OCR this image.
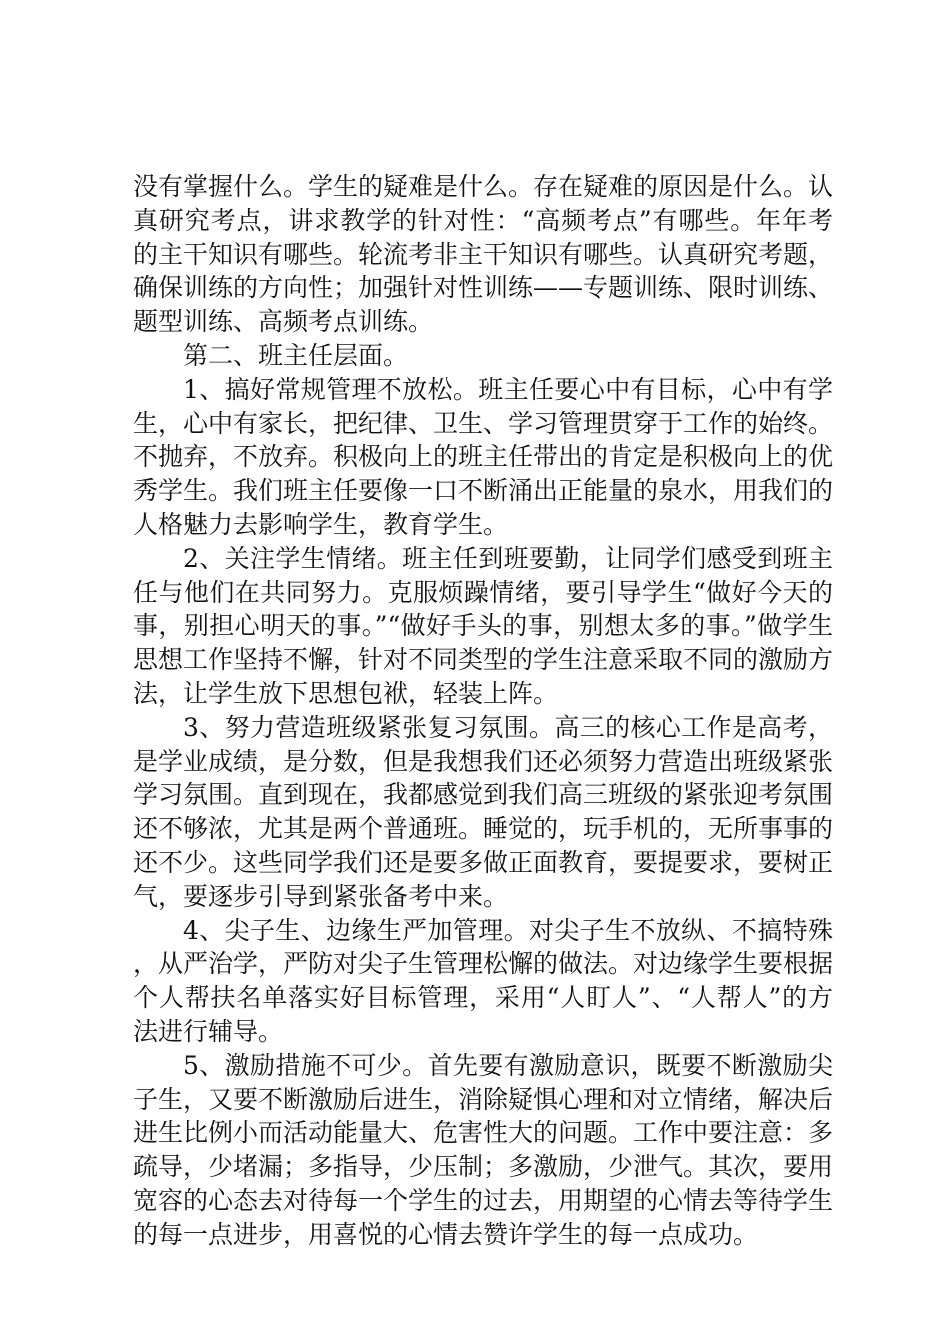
没有掌握什么。学生的疑难是什么。存在疑难的原因是什么。认真研究考点，讲求教学的针对性：“高频考点”有哪些。年年考的主干知识有哪些。轮流考非主干知识有哪些。认真研究考题，确保训练的方向性；加强针对性训练——专题训练、限时训练、题型训练、高频考点训练。

第二、班主任层面。

1、搞好常规管理不放松。班主任要心中有目标，心中有学生，心中有家长，把纪律、卫生、学习管理贯穿于工作的始终。不抛弃，不放弃。积极向上的班主任带出的肯定是积极向上的优秀学生。我们班主任要像一口不断涌出正能量的泉水，用我们的人格魅力去影响学生，教育学生。

2、关注学生情绪。班主任到班要勤，让同学们感受到班主任与他们在共同努力。克服烦躁情绪，要引导学生“做好今天的事，别担心明天的事。”“做好手头的事，别想太多的事。”做学生思想工作坚持不懈，针对不同类型的学生注意采取不同的激励方法，让学生放下思想包袱，轻装上阵。

3、努力营造班级紧张复习氛围。高三的核心工作是高考，是学业成绩，是分数，但是我想我们还必须努力营造出班级紧张学习氛围。直到现在，我都感觉到我们高三班级的紧张迎考氛围还不够浓，尤其是两个普通班。睡觉的，玩手机的，无所事事的还不少。这些同学我们还是要多做正面教育，要提要求，要树正气，要逐步引导到紧张备考中来。

4、尖子生、边缘生严加管理。对尖子生不放纵、不搞特殊，从严治学，严防对尖子生管理松懈的做法。对边缘学生要根据个人帮扶名单落实好目标管理，采用“人盯人”、“人帮人”的方法进行辅导。

5、激励措施不可少。首先要有激励意识，既要不断激励尖子生，又要不断激励后进生，消除疑惧心理和对立情绪，解决后进生比例小而活动能量大、危害性大的问题。工作中要注意：多疏导，少堵漏；多指导，少压制；多激励，少泄气。其次，要用宽容的心态去对待每一个学生的过去，用期望的心情去等待学生的每一点进步，用喜悦的心情去赞许学生的每一点成功。
